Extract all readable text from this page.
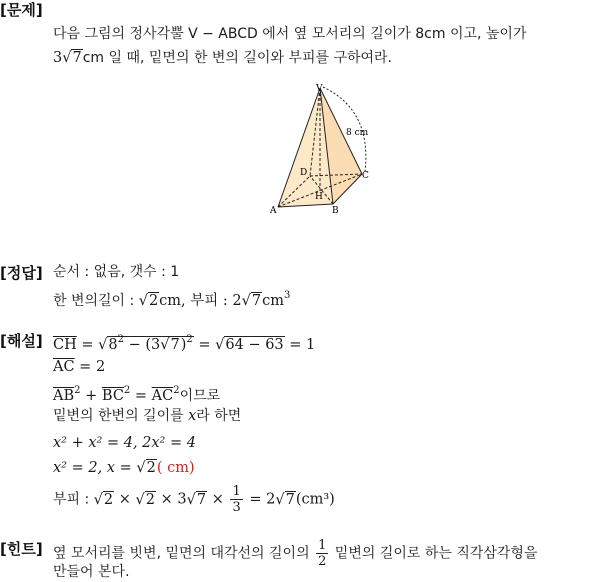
[문제]
다음 그림의 정사각뿔 V − ABCD 에서 옆 모서리의 길이가 8cm 이고, 높이가
3√7cm 일 때, 밑면의 한 변의 길이와 부피를 구하여라.
V
A	B
C
D
H
8 cm
[정답] 순서 : 없음, 갯수 : 1
한 변의길이 : √2cm, 부피 : $2√7cm^3$
[해설] $\overline{CH} = √8^2 - (3√7)^2 = √64 - 63 = 1$
$\overline{AC} = 2$
$\overline{AB}^2 + \overline{BC}^2 = \overline{AC}^2$이므로
밑변의 한변의 길이를 x라 하면
x² + x² = 4, 2x² = 4
x² = 2, x = √2( cm)
부피 : $√2 \times √2 \times 3√7 \times \frac{1}{3} = 2√7(cm^3)$
[힌트] 옆 모서리를 빗변, 밑면의 대각선의 길이의 $\frac{1}{2}$ 밑변의 길이로 하는 직각삼각형을
만들어 본다.
